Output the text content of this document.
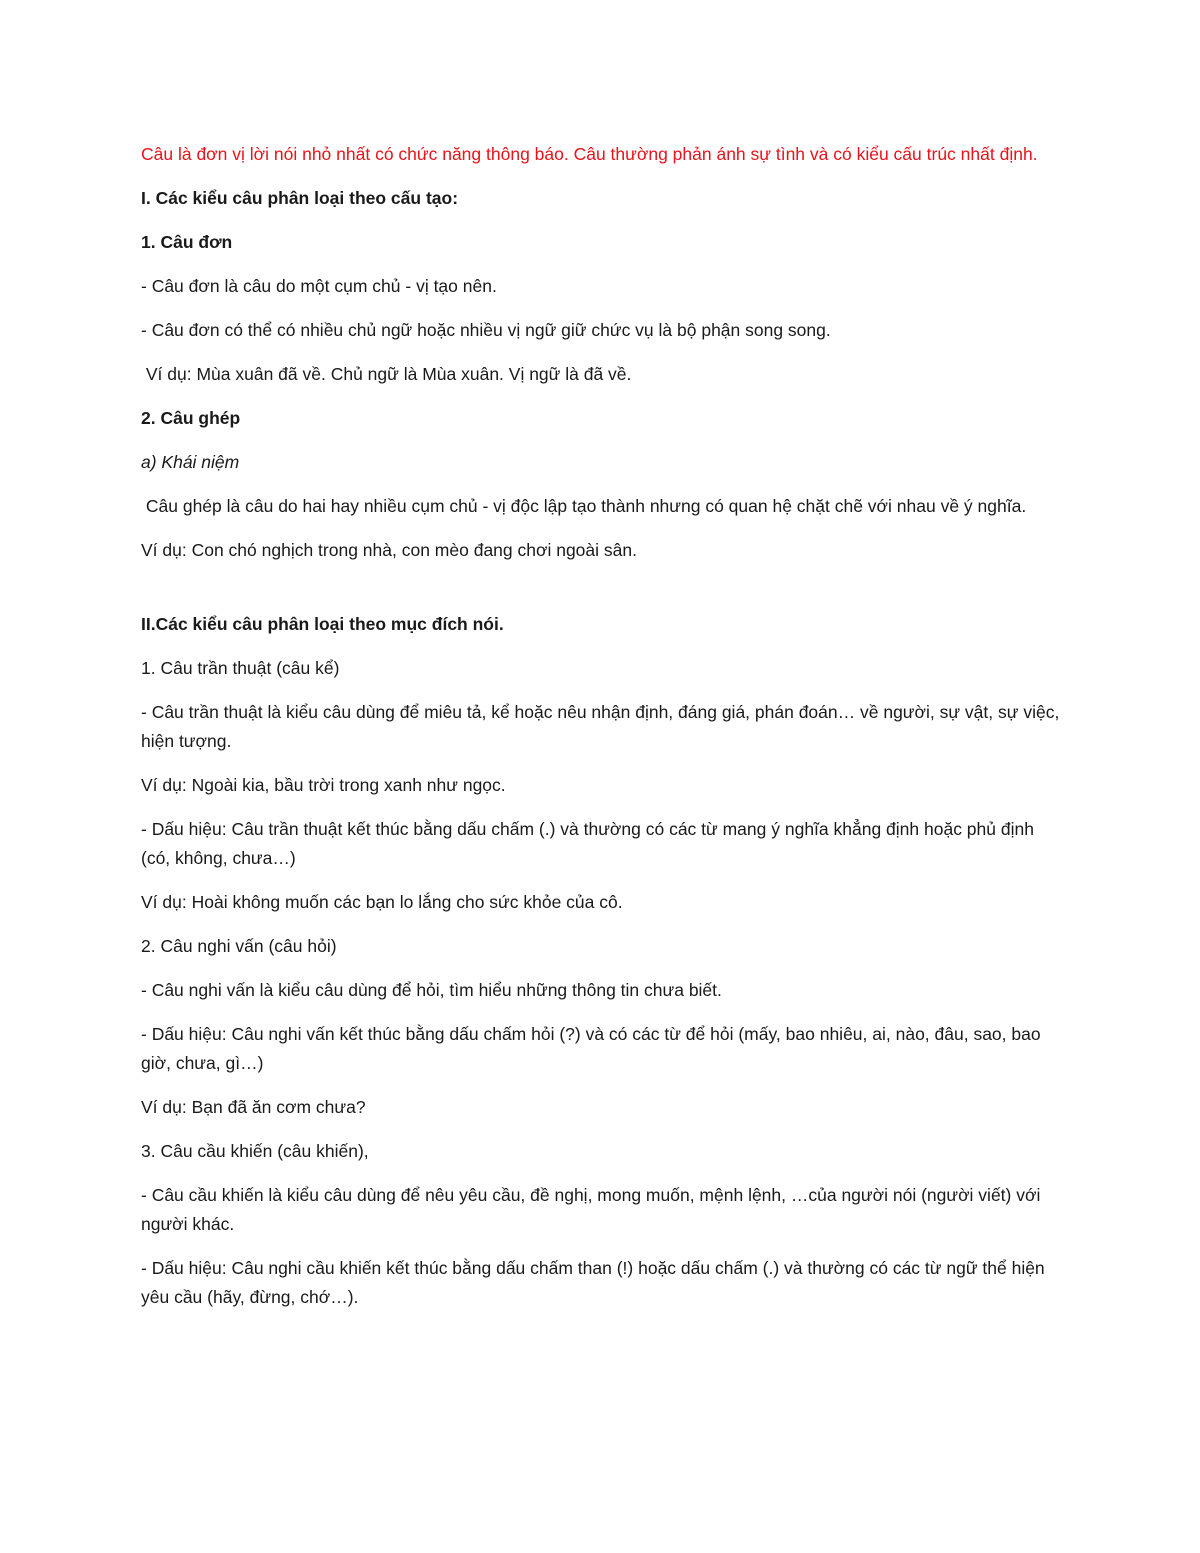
Câu là đơn vị lời nói nhỏ nhất có chức năng thông báo. Câu thường phản ánh sự tình và có kiểu cấu trúc nhất định.

I. Các kiểu câu phân loại theo cấu tạo:

1. Câu đơn

- Câu đơn là câu do một cụm chủ - vị tạo nên.

- Câu đơn có thể có nhiều chủ ngữ hoặc nhiều vị ngữ giữ chức vụ là bộ phận song song.

Ví dụ: Mùa xuân đã về. Chủ ngữ là Mùa xuân. Vị ngữ là đã về.

2. Câu ghép

a) Khái niệm

Câu ghép là câu do hai hay nhiều cụm chủ - vị độc lập tạo thành nhưng có quan hệ chặt chẽ với nhau về ý nghĩa.

Ví dụ: Con chó nghịch trong nhà, con mèo đang chơi ngoài sân.

II.Các kiểu câu phân loại theo mục đích nói.

1. Câu trần thuật (câu kể)

- Câu trần thuật là kiểu câu dùng để miêu tả, kể hoặc nêu nhận định, đáng giá, phán đoán… về người, sự vật, sự việc, hiện tượng.

Ví dụ: Ngoài kia, bầu trời trong xanh như ngọc.

- Dấu hiệu: Câu trần thuật kết thúc bằng dấu chấm (.) và thường có các từ mang ý nghĩa khẳng định hoặc phủ định (có, không, chưa…)

Ví dụ: Hoài không muốn các bạn lo lắng cho sức khỏe của cô.

2. Câu nghi vấn (câu hỏi)

- Câu nghi vấn là kiểu câu dùng để hỏi, tìm hiểu những thông tin chưa biết.

- Dấu hiệu: Câu nghi vấn kết thúc bằng dấu chấm hỏi (?) và có các từ để hỏi (mấy, bao nhiêu, ai, nào, đâu, sao, bao giờ, chưa, gì…)

Ví dụ: Bạn đã ăn cơm chưa?

3. Câu cầu khiến (câu khiến),

- Câu cầu khiến là kiểu câu dùng để nêu yêu cầu, đề nghị, mong muốn, mệnh lệnh, …của người nói (người viết) với người khác.

- Dấu hiệu: Câu nghi cầu khiến kết thúc bằng dấu chấm than (!) hoặc dấu chấm (.) và thường có các từ ngữ thể hiện yêu cầu (hãy, đừng, chớ…).
